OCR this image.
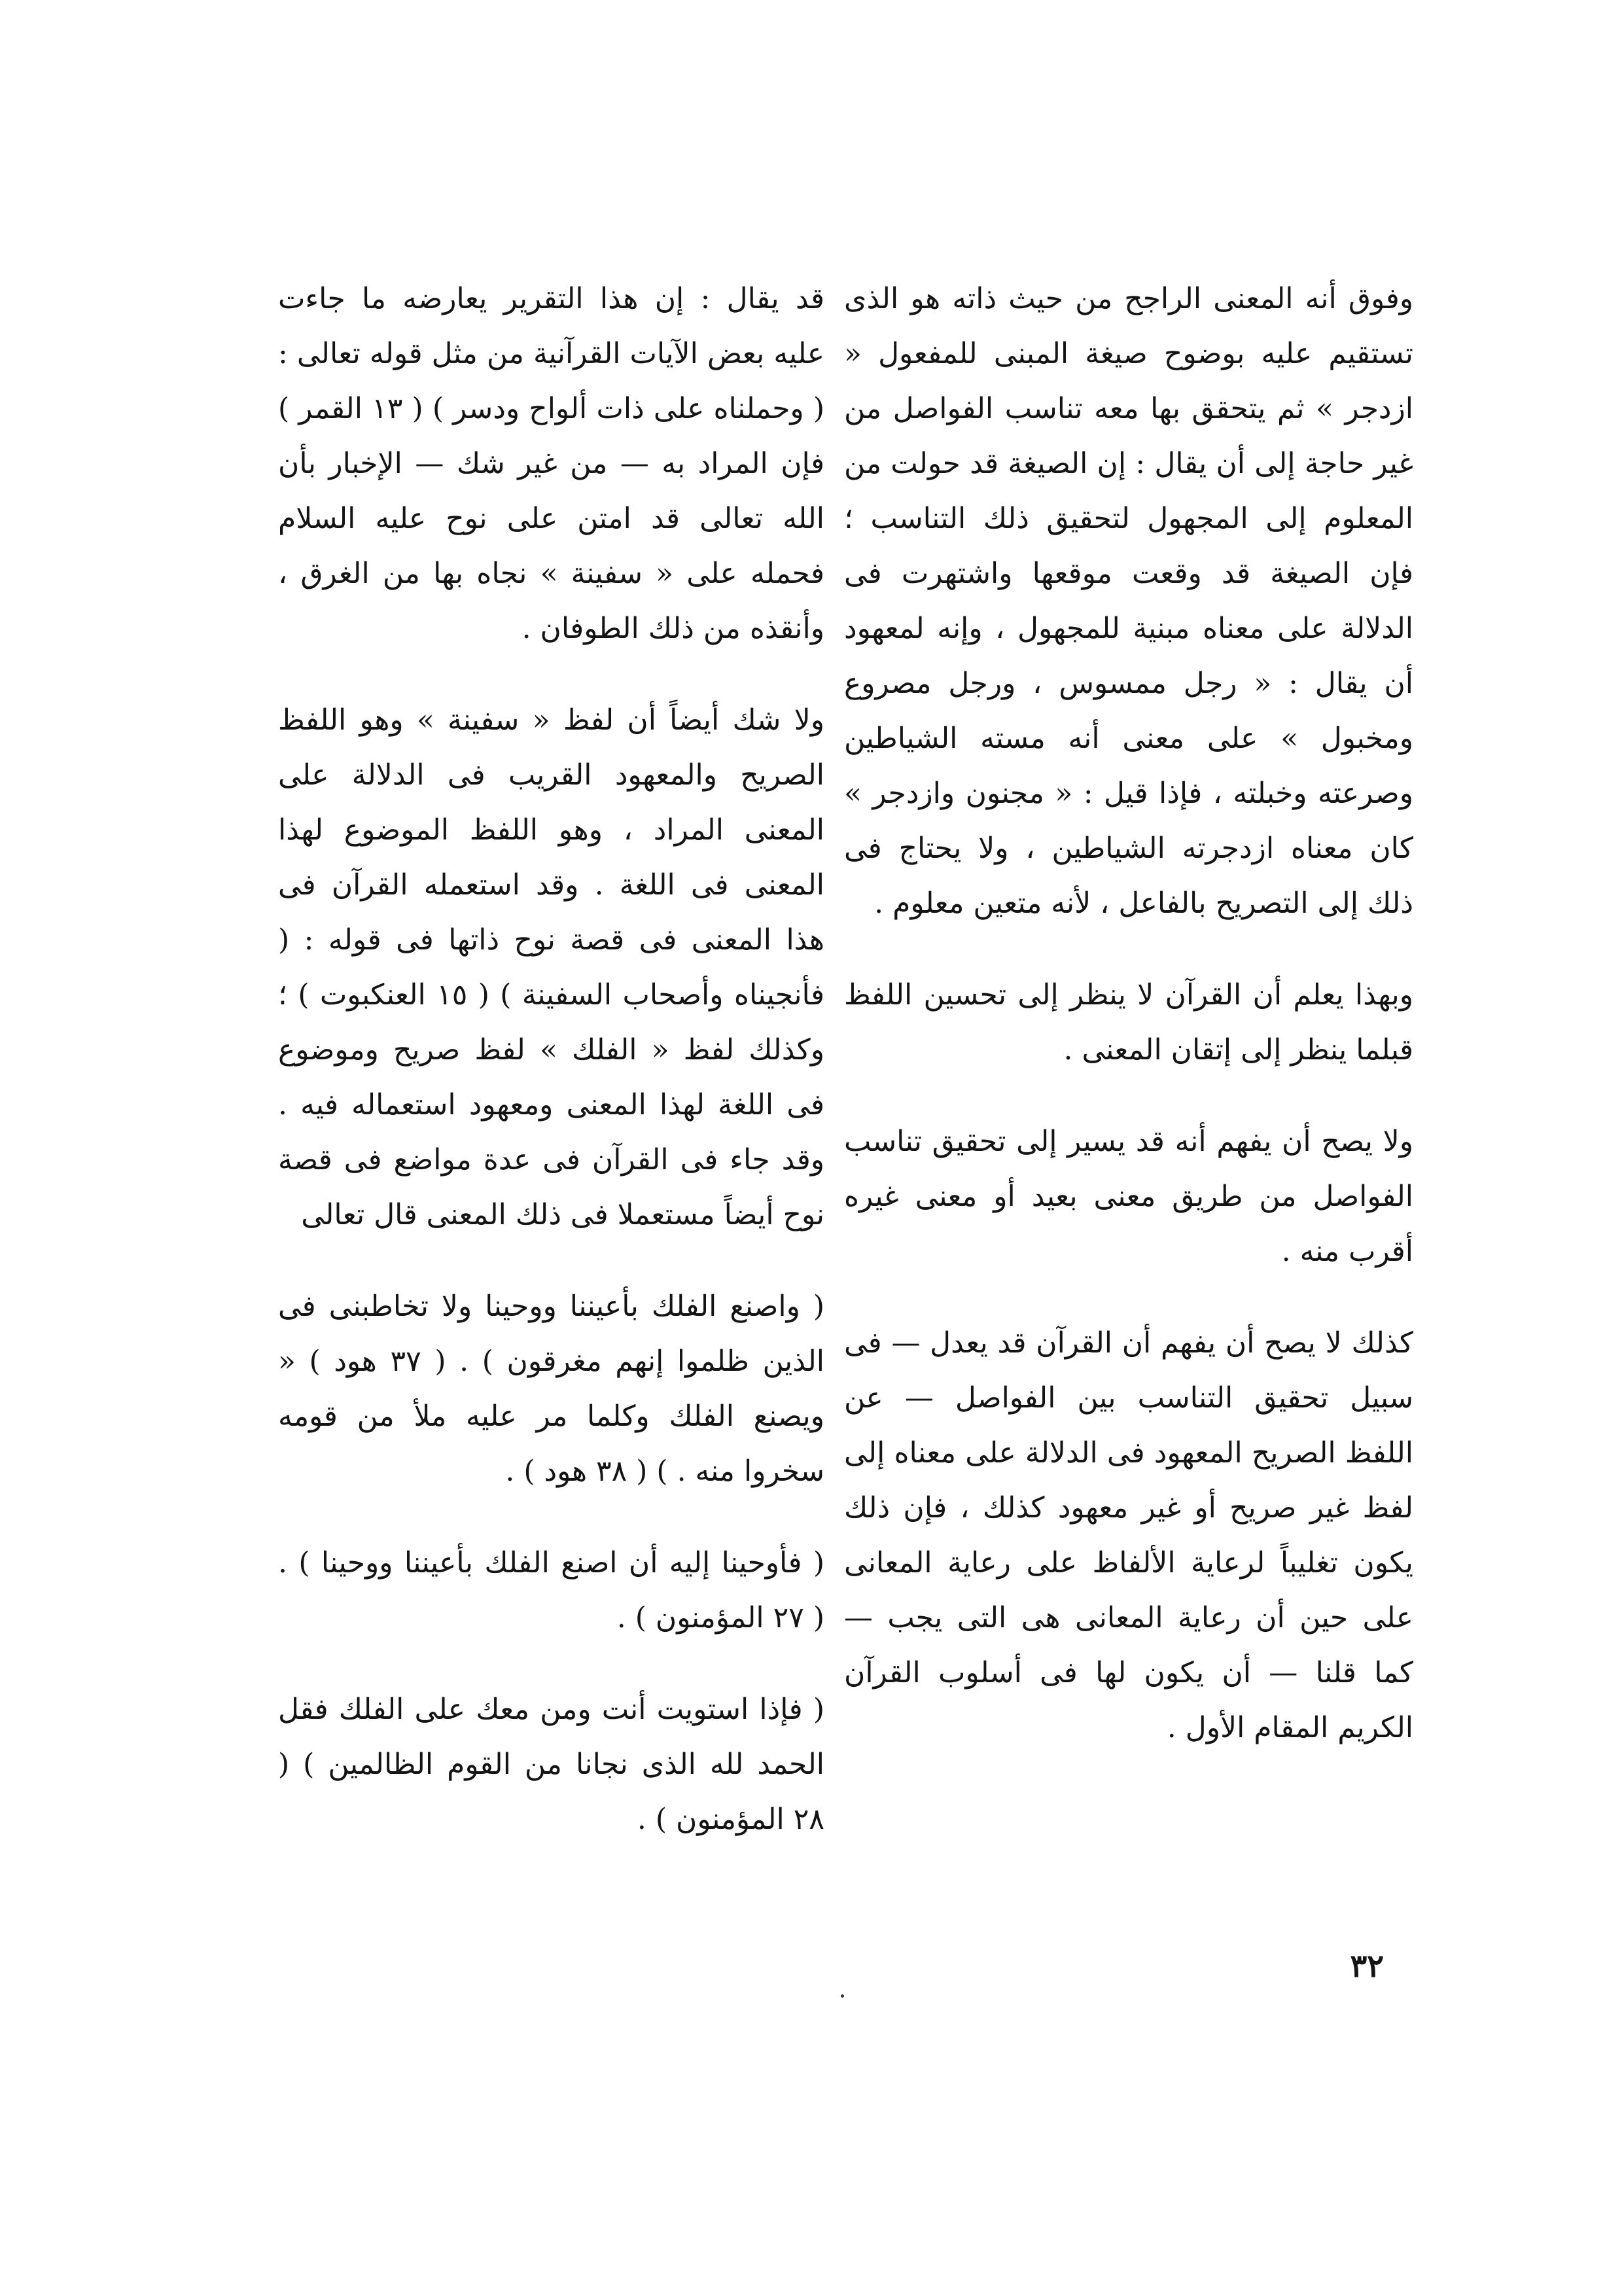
وفوق أنه المعنى الراجح من حيث ذاته هو الذى تستقيم عليه بوضوح صيغة المبنى للمفعول « ازدجر » ثم يتحقق بها معه تناسب الفواصل من غير حاجة إلى أن يقال : إن الصيغة قد حولت من المعلوم إلى المجهول لتحقيق ذلك التناسب ؛ فإن الصيغة قد وقعت موقعها واشتهرت فى الدلالة على معناه مبنية للمجهول ، وإنه لمعهود أن يقال : « رجل ممسوس ، ورجل مصروع ومخبول » على معنى أنه مسته الشياطين وصرعته وخبلته ، فإذا قيل : « مجنون وازدجر » كان معناه ازدجرته الشياطين ، ولا يحتاج فى ذلك إلى التصريح بالفاعل ، لأنه متعين معلوم .

وبهذا يعلم أن القرآن لا ينظر إلى تحسين اللفظ قبلما ينظر إلى إتقان المعنى .

ولا يصح أن يفهم أنه قد يسير إلى تحقيق تناسب الفواصل من طريق معنى بعيد أو معنى غيره أقرب منه .

كذلك لا يصح أن يفهم أن القرآن قد يعدل — فى سبيل تحقيق التناسب بين الفواصل — عن اللفظ الصريح المعهود فى الدلالة على معناه إلى لفظ غير صريح أو غير معهود كذلك ، فإن ذلك يكون تغليباً لرعاية الألفاظ على رعاية المعانى على حين أن رعاية المعانى هى التى يجب — كما قلنا — أن يكون لها فى أسلوب القرآن الكريم المقام الأول .

قد يقال : إن هذا التقرير يعارضه ما جاءت عليه بعض الآيات القرآنية من مثل قوله تعالى : ( وحملناه على ذات ألواح ودسر ) ( ١٣ القمر ) فإن المراد به — من غير شك — الإخبار بأن الله تعالى قد امتن على نوح عليه السلام فحمله على « سفينة » نجاه بها من الغرق ، وأنقذه من ذلك الطوفان .

ولا شك أيضاً أن لفظ « سفينة » وهو اللفظ الصريح والمعهود القريب فى الدلالة على المعنى المراد ، وهو اللفظ الموضوع لهذا المعنى فى اللغة . وقد استعمله القرآن فى هذا المعنى فى قصة نوح ذاتها فى قوله : ( فأنجيناه وأصحاب السفينة ) ( ١٥ العنكبوت ) ؛ وكذلك لفظ « الفلك » لفظ صريح وموضوع فى اللغة لهذا المعنى ومعهود استعماله فيه . وقد جاء فى القرآن فى عدة مواضع فى قصة نوح أيضاً مستعملا فى ذلك المعنى قال تعالى

( واصنع الفلك بأعيننا ووحينا ولا تخاطبنى فى الذين ظلموا إنهم مغرقون ) . ( ٣٧ هود ) « ويصنع الفلك وكلما مر عليه ملأ من قومه سخروا منه . ) ( ٣٨ هود ) .

( فأوحينا إليه أن اصنع الفلك بأعيننا ووحينا ) . ( ٢٧ المؤمنون ) .

( فإذا استويت أنت ومن معك على الفلك فقل الحمد لله الذى نجانا من القوم الظالمين ) ( ٢٨ المؤمنون ) .

٣٢
